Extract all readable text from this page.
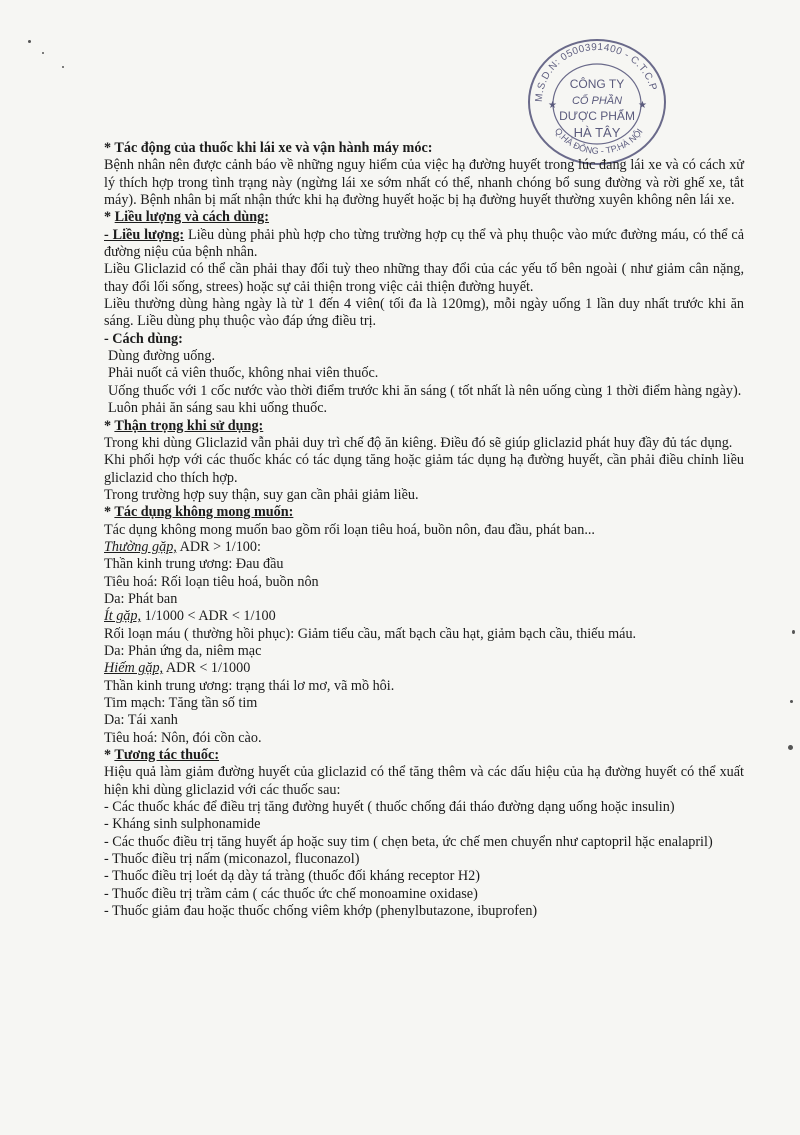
M.S.D.N: 0500391400 - C.T.C.P
Q.HÀ ĐÔNG - TP.HÀ NỘI
CÔNG TY
CỔ PHẦN
DƯỢC PHẨM
HÀ TÂY
★	★

* Tác động của thuốc khi lái xe và vận hành máy móc:

Bệnh nhân nên được cảnh báo về những nguy hiểm của việc hạ đường huyết trong lúc đang lái xe và có cách xử lý thích hợp trong tình trạng này (ngừng lái xe sớm nhất có thể, nhanh chóng bổ sung đường và rời ghế xe, tắt máy). Bệnh nhân bị mất nhận thức khi hạ đường huyết hoặc bị hạ đường huyết thường xuyên không nên lái xe.

* Liều lượng và cách dùng:

- Liều lượng: Liều dùng phải phù hợp cho từng trường hợp cụ thể và phụ thuộc vào mức đường máu, có thể cả đường niệu của bệnh nhân.

Liều Gliclazid có thể cần phải thay đổi tuỳ theo những thay đổi của các yếu tố bên ngoài ( như giảm cân nặng, thay đổi lối sống, strees) hoặc sự cải thiện trong việc cải thiện đường huyết.

Liều thường dùng hàng ngày là từ 1 đến 4 viên( tối đa là 120mg), mỗi ngày uống 1 lần duy nhất trước khi ăn sáng. Liều dùng phụ thuộc vào đáp ứng điều trị.

- Cách dùng:

Dùng đường uống.

Phải nuốt cả viên thuốc, không nhai viên thuốc.

Uống thuốc với 1 cốc nước vào thời điểm trước khi ăn sáng ( tốt nhất là nên uống cùng 1 thời điểm hàng ngày).

Luôn phải ăn sáng sau khi uống thuốc.

* Thận trọng khi sử dụng:

Trong khi dùng Gliclazid vẫn phải duy trì chế độ ăn kiêng. Điều đó sẽ giúp gliclazid phát huy đầy đủ tác dụng.

Khi phối hợp với các thuốc khác có tác dụng tăng hoặc giảm tác dụng hạ đường huyết, cần phải điều chỉnh liều gliclazid cho thích hợp.

Trong trường hợp suy thận, suy gan cần phải giảm liều.

* Tác dụng không mong muốn:

Tác dụng không mong muốn bao gồm rối loạn tiêu hoá, buồn nôn, đau đầu, phát ban...

Thường gặp, ADR > 1/100:

Thần kinh trung ương: Đau đầu

Tiêu hoá: Rối loạn tiêu hoá, buồn nôn

Da: Phát ban

Ít gặp, 1/1000 < ADR < 1/100

Rối loạn máu ( thường hồi phục): Giảm tiểu cầu, mất bạch cầu hạt, giảm bạch cầu, thiếu máu.

Da: Phản ứng da, niêm mạc

Hiếm gặp, ADR < 1/1000

Thần kinh trung ương: trạng thái lơ mơ, vã mồ hôi.

Tim mạch: Tăng tần số tim

Da: Tái xanh

Tiêu hoá: Nôn, đói cồn cào.

* Tương tác thuốc:

Hiệu quả làm giảm đường huyết của gliclazid có thể tăng thêm và các dấu hiệu của hạ đường huyết có thể xuất hiện khi dùng gliclazid với các thuốc sau:

- Các thuốc khác để điều trị tăng đường huyết ( thuốc chống đái tháo đường dạng uống hoặc insulin)

- Kháng sinh sulphonamide

- Các thuốc điều trị tăng huyết áp hoặc suy tim ( chẹn beta, ức chế men chuyển như captopril hặc enalapril)

- Thuốc điều trị nấm (miconazol, fluconazol)

- Thuốc điều trị loét dạ dày tá tràng (thuốc đối kháng receptor H2)

- Thuốc điều trị trầm cảm ( các thuốc ức chế monoamine oxidase)

- Thuốc giảm đau hoặc thuốc chống viêm khớp (phenylbutazone, ibuprofen)
